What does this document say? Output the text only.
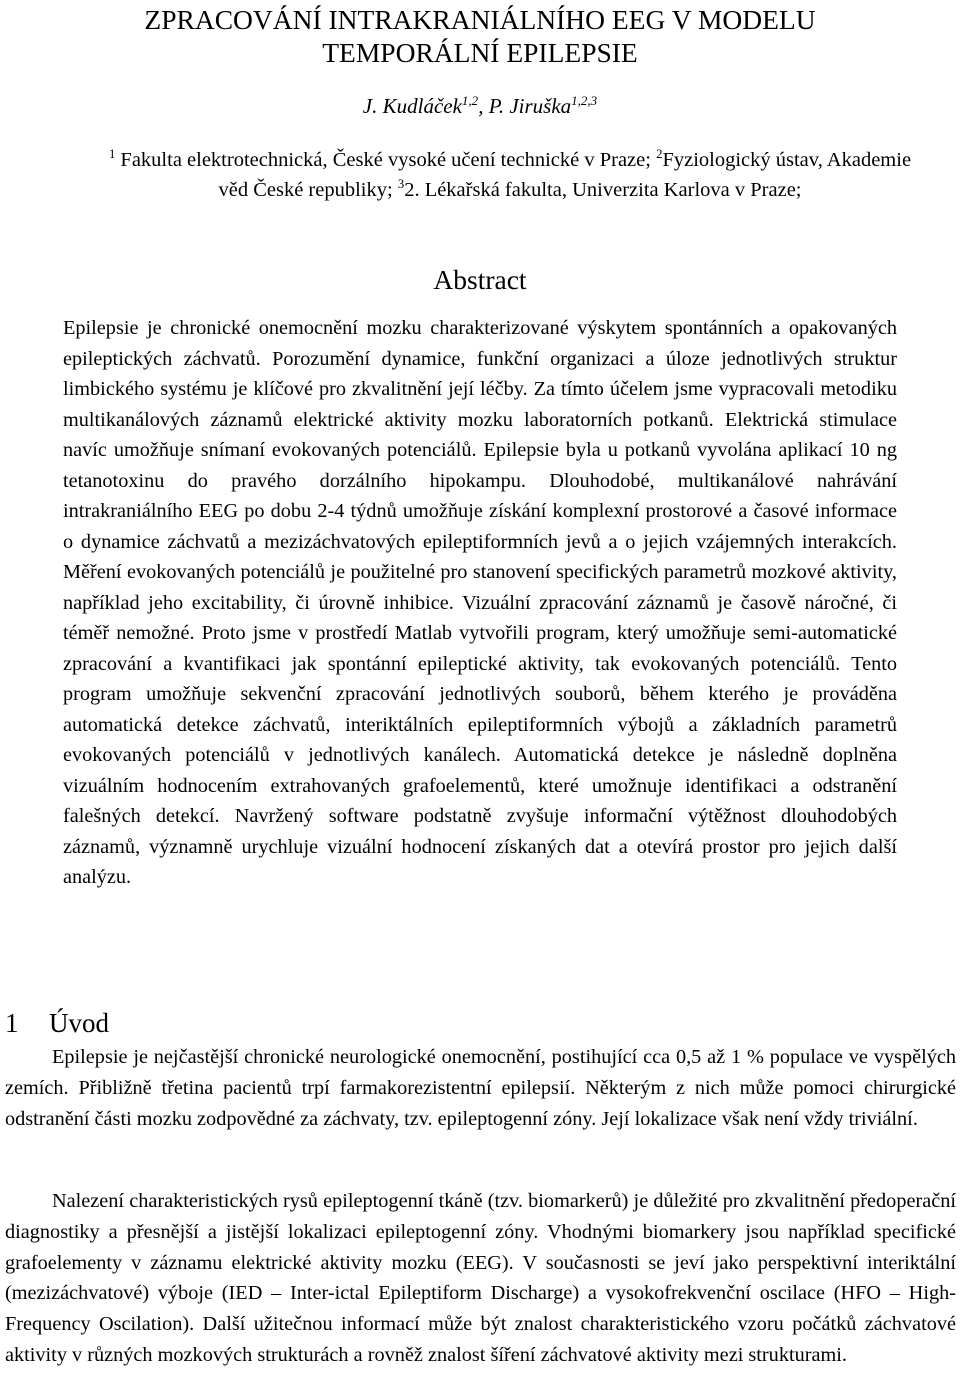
ZPRACOVÁNÍ INTRAKRANIÁLNÍHO EEG V MODELU
TEMPORÁLNÍ EPILEPSIE
J. Kudláček$^{1,2}$, P. Jiruška$^{1,2,3}$
$^1$ Fakulta elektrotechnická, České vysoké učení technické v Praze; $^2$Fyziologický ústav, Akademie věd České republiky; $^3$2. Lékařská fakulta, Univerzita Karlova v Praze;
Abstract

Epilepsie je chronické onemocnění mozku charakterizované výskytem spontánních a opakovaných epileptických záchvatů. Porozumění dynamice, funkční organizaci a úloze jednotlivých struktur limbického systému je klíčové pro zkvalitnění její léčby. Za tímto účelem jsme vypracovali metodiku multikanálových záznamů elektrické aktivity mozku laboratorních potkanů. Elektrická stimulace navíc umožňuje snímaní evokovaných potenciálů. Epilepsie byla u potkanů vyvolána aplikací 10 ng tetanotoxinu do pravého dorzálního hipokampu. Dlouhodobé, multikanálové nahrávání intrakraniálního EEG po dobu 2-4 týdnů umožňuje získání komplexní prostorové a časové informace o dynamice záchvatů a mezizáchvatových epileptiformních jevů a o jejich vzájemných interakcích. Měření evokovaných potenciálů je použitelné pro stanovení specifických parametrů mozkové aktivity, například jeho excitability, či úrovně inhibice. Vizuální zpracování záznamů je časově náročné, či téměř nemožné. Proto jsme v prostředí Matlab vytvořili program, který umožňuje semi-automatické zpracování a kvantifikaci jak spontánní epileptické aktivity, tak evokovaných potenciálů. Tento program umožňuje sekvenční zpracování jednotlivých souborů, během kterého je prováděna automatická detekce záchvatů, interiktálních epileptiformních výbojů a základních parametrů evokovaných potenciálů v jednotlivých kanálech. Automatická detekce je následně doplněna vizuálním hodnocením extrahovaných grafoelementů, které umožnuje identifikaci a odstranění falešných detekcí. Navržený software podstatně zvyšuje informační výtěžnost dlouhodobých záznamů, významně urychluje vizuální hodnocení získaných dat a otevírá prostor pro jejich další analýzu.

1 Úvod

Epilepsie je nejčastější chronické neurologické onemocnění, postihující cca 0,5 až 1 % populace ve vyspělých zemích. Přibližně třetina pacientů trpí farmakorezistentní epilepsií. Některým z nich může pomoci chirurgické odstranění části mozku zodpovědné za záchvaty, tzv. epileptogenní zóny. Její lokalizace však není vždy triviální.

Nalezení charakteristických rysů epileptogenní tkáně (tzv. biomarkerů) je důležité pro zkvalitnění předoperační diagnostiky a přesnější a jistější lokalizaci epileptogenní zóny. Vhodnými biomarkery jsou například specifické grafoelementy v záznamu elektrické aktivity mozku (EEG). V současnosti se jeví jako perspektivní interiktální (mezizáchvatové) výboje (IED – Inter-ictal Epileptiform Discharge) a vysokofrekvenční oscilace (HFO – High-Frequency Oscilation). Další užitečnou informací může být znalost charakteristického vzoru počátků záchvatové aktivity v různých mozkových strukturách a rovněž znalost šíření záchvatové aktivity mezi strukturami.
